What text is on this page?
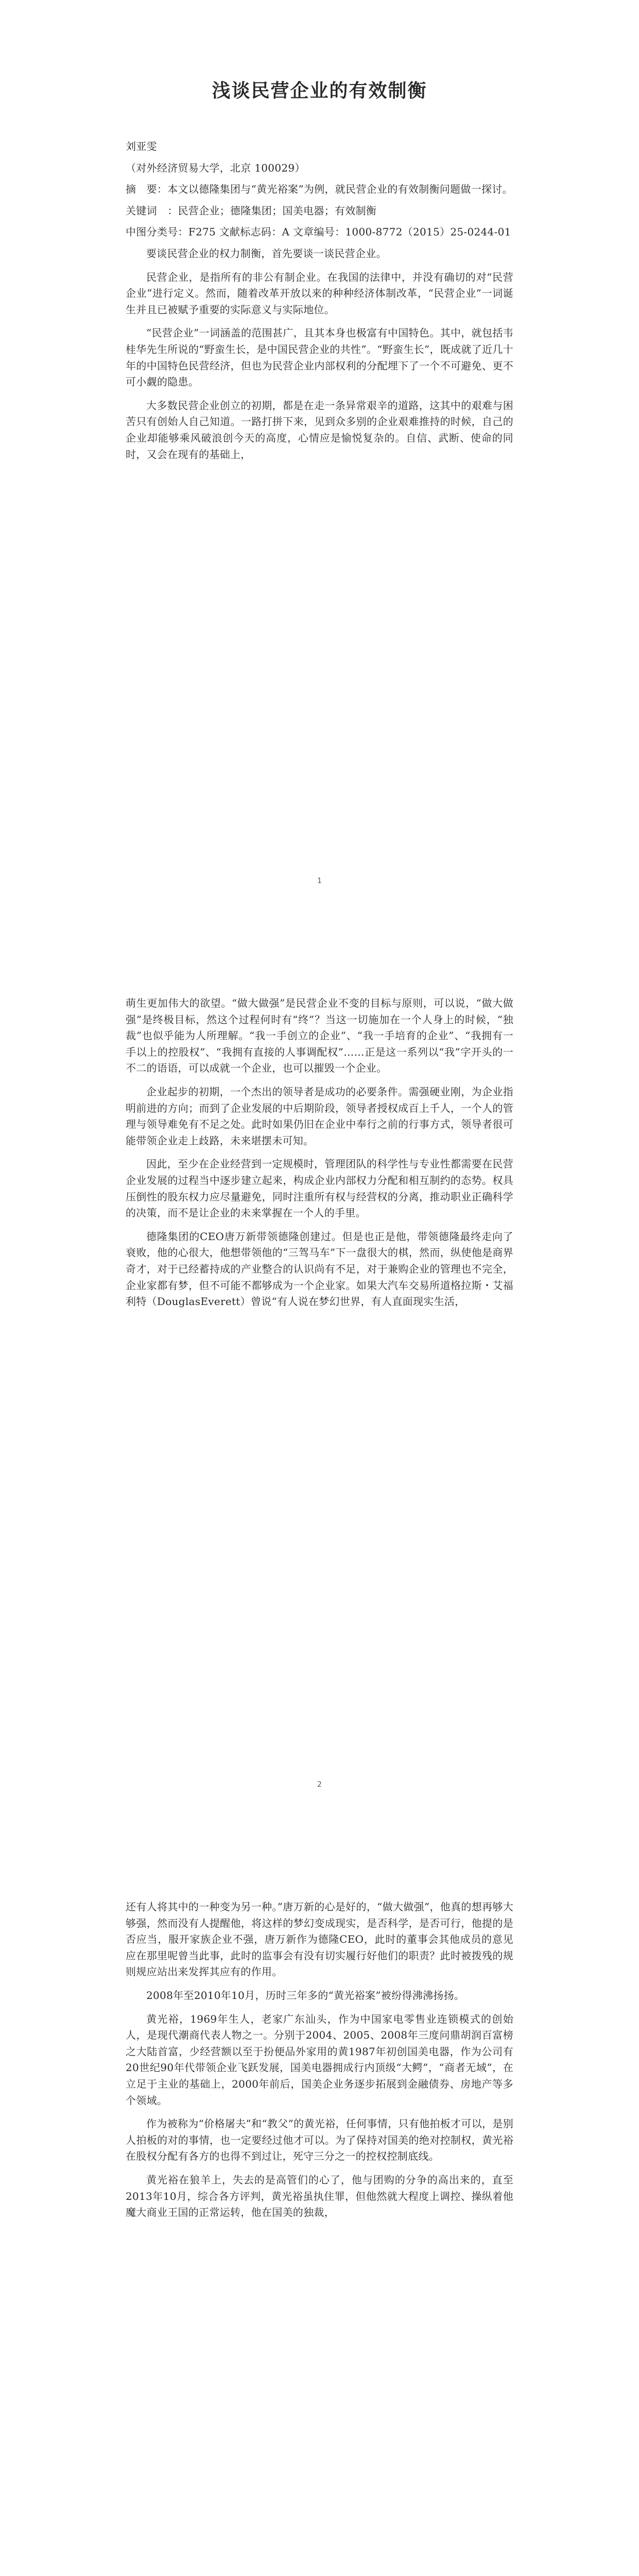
浅谈民营企业的有效制衡

刘亚雯

（对外经济贸易大学，北京 100029）

摘　要：本文以德隆集团与“黄光裕案”为例，就民营企业的有效制衡问题做一探讨。

关键词　：民营企业；德隆集团；国美电器；有效制衡

中图分类号：F275 文献标志码：A 文章编号：1000-8772（2015）25-0244-01

要谈民营企业的权力制衡，首先要谈一谈民营企业。

民营企业，是指所有的非公有制企业。在我国的法律中，并没有确切的对“民营企业”进行定义。然而，随着改革开放以来的种种经济体制改革，“民营企业”一词诞生并且已被赋予重要的实际意义与实际地位。

“民营企业”一词涵盖的范围甚广，且其本身也极富有中国特色。其中，就包括韦桂华先生所说的“野蛮生长，是中国民营企业的共性”。“野蛮生长”，既成就了近几十年的中国特色民营经济，但也为民营企业内部权利的分配埋下了一个不可避免、更不可小觑的隐患。

大多数民营企业创立的初期，都是在走一条异常艰辛的道路，这其中的艰难与困苦只有创始人自己知道。一路打拼下来，见到众多别的企业艰难推持的时候，自己的企业却能够乘风破浪创今天的高度，心情应是愉悦复杂的。自信、武断、使命的同时，又会在现有的基础上，

1

萌生更加伟大的欲望。“做大做强”是民营企业不变的目标与原则，可以说，“做大做强”是终极目标，然这个过程何时有“终”？当这一切施加在一个人身上的时候，“独裁”也似乎能为人所理解。“我一手创立的企业”、“我一手培育的企业”、“我拥有一手以上的控股权”、“我拥有直接的人事调配权”……正是这一系列以“我”字开头的一不二的语语，可以成就一个企业，也可以摧毁一个企业。

企业起步的初期，一个杰出的领导者是成功的必要条件。需强硬业刚，为企业指明前进的方向；而到了企业发展的中后期阶段，领导者授权成百上千人，一个人的管理与领导难免有不足之处。此时如果仍旧在企业中奉行之前的行事方式，领导者很可能带领企业走上歧路，未来堪摆未可知。

因此，至少在企业经营到一定规模时，管理团队的科学性与专业性都需要在民营企业发展的过程当中逐步建立起来，构成企业内部权力分配和相互制约的态势。权具压倒性的股东权力应尽量避免，同时注重所有权与经营权的分离，推动职业正确科学的决策，而不是让企业的未来掌握在一个人的手里。

德隆集团的CEO唐万新带领德隆创建过。但是也正是他，带领德隆最终走向了衰败，他的心很大，他想带领他的“三驾马车”下一盘很大的棋，然而，纵使他是商界奇才，对于已经蓄持成的产业整合的认识尚有不足，对于兼购企业的管理也不完全，企业家都有梦，但不可能不都够成为一个企业家。如果大汽车交易所道格拉斯・艾福利特（DouglasEverett）曾说“有人说在梦幻世界，有人直面现实生活，

2

还有人将其中的一种变为另一种。”唐万新的心是好的，“做大做强”，他真的想再够大够强，然而没有人提醒他，将这样的梦幻变成现实，是否科学，是否可行，他提的是否应当，服开家族企业不强，唐万新作为德隆CEO，此时的董事会其他成员的意见应在那里呢曾当此事，此时的监事会有没有切实履行好他们的职责？此时被拨残的规则规应站出来发挥其应有的作用。

2008年至2010年10月，历时三年多的“黄光裕案”被纷得沸沸扬扬。

黄光裕，1969年生人，老家广东汕头，作为中国家电零售业连锁模式的创始人，是现代潮商代表人物之一。分别于2004、2005、2008年三度问鼎胡润百富榜之大陆首富，少经营额以至于扮便品外家用的黄1987年初创国美电器，作为公司有20世纪90年代带领企业飞跃发展，国美电器拥成行内顶级“大鳄”，“商者无域”，在立足于主业的基础上，2000年前后，国美企业务逐步拓展到金融债券、房地产等多个领域。

作为被称为“价格屠夫”和“教父”的黄光裕，任何事情，只有他拍板才可以，是别人拍板的对的事情，也一定要经过他才可以。为了保持对国美的绝对控制权，黄光裕在股权分配有各方的也得不到过让，死守三分之一的控权控制底线。

黄光裕在狼羊上，失去的是高管们的心了，他与团购的分争的高出来的，直至2013年10月，综合各方评判，黄光裕虽执住罪，但他然就大程度上调控、操纵着他魔大商业王国的正常运转，他在国美的独裁，
